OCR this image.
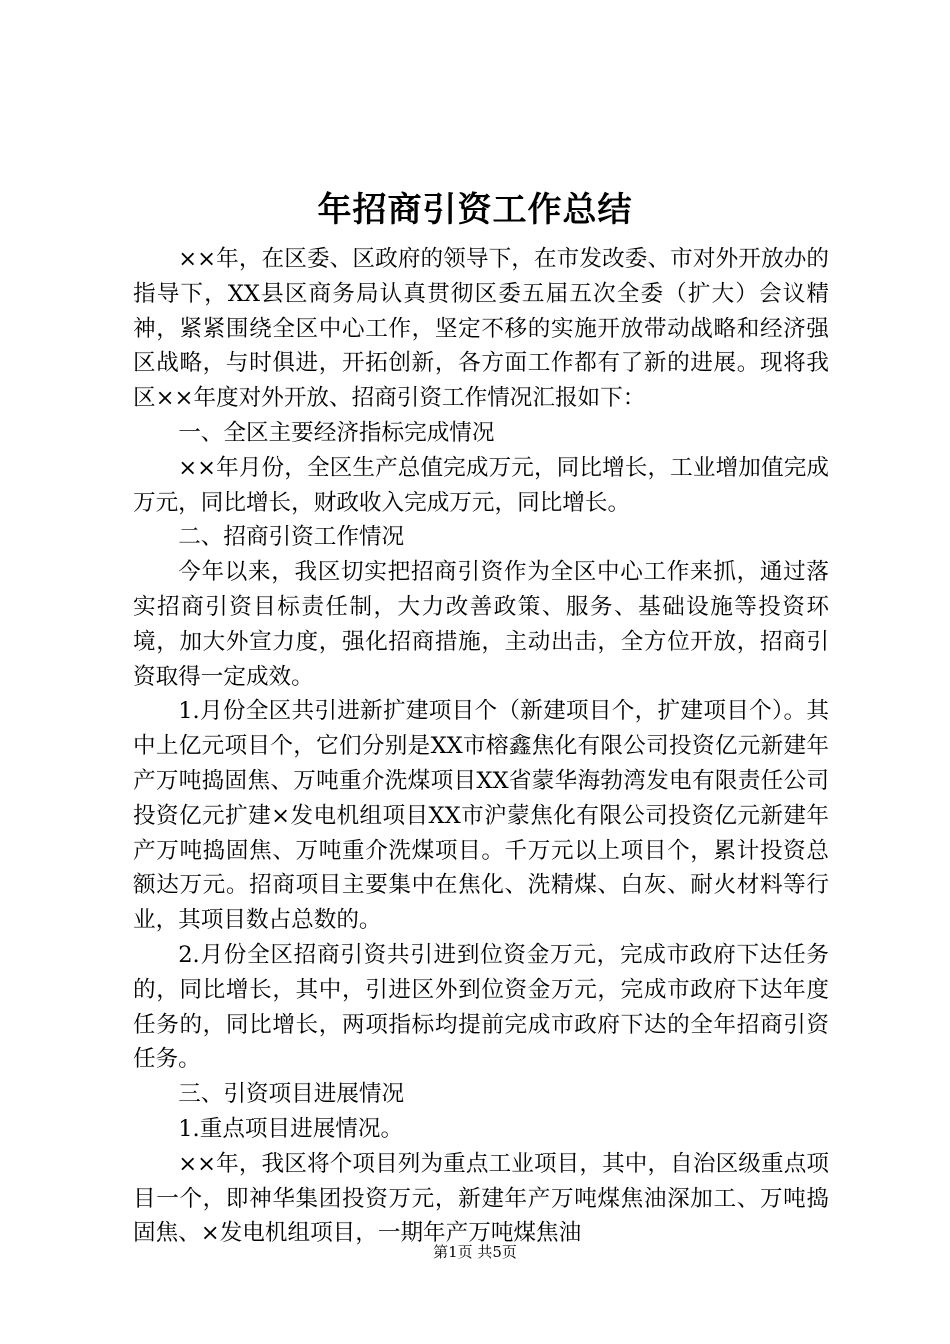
年招商引资工作总结

××年，在区委、区政府的领导下，在市发改委、市对外开放办的指导下，XX县区商务局认真贯彻区委五届五次全委（扩大）会议精神，紧紧围绕全区中心工作，坚定不移的实施开放带动战略和经济强区战略，与时俱进，开拓创新，各方面工作都有了新的进展。现将我区××年度对外开放、招商引资工作情况汇报如下：

一、全区主要经济指标完成情况

××年月份，全区生产总值完成万元，同比增长，工业增加值完成万元，同比增长，财政收入完成万元，同比增长。

二、招商引资工作情况

今年以来，我区切实把招商引资作为全区中心工作来抓，通过落实招商引资目标责任制，大力改善政策、服务、基础设施等投资环境，加大外宣力度，强化招商措施，主动出击，全方位开放，招商引资取得一定成效。

1.月份全区共引进新扩建项目个（新建项目个，扩建项目个）。其中上亿元项目个，它们分别是XX市榕鑫焦化有限公司投资亿元新建年产万吨捣固焦、万吨重介洗煤项目XX省蒙华海勃湾发电有限责任公司投资亿元扩建×发电机组项目XX市沪蒙焦化有限公司投资亿元新建年产万吨捣固焦、万吨重介洗煤项目。千万元以上项目个，累计投资总额达万元。招商项目主要集中在焦化、洗精煤、白灰、耐火材料等行业，其项目数占总数的。

2.月份全区招商引资共引进到位资金万元，完成市政府下达任务的，同比增长，其中，引进区外到位资金万元，完成市政府下达年度任务的，同比增长，两项指标均提前完成市政府下达的全年招商引资任务。

三、引资项目进展情况

1.重点项目进展情况。

××年，我区将个项目列为重点工业项目，其中，自治区级重点项目一个，即神华集团投资万元，新建年产万吨煤焦油深加工、万吨捣固焦、×发电机组项目，一期年产万吨煤焦油

第1页 共5页
